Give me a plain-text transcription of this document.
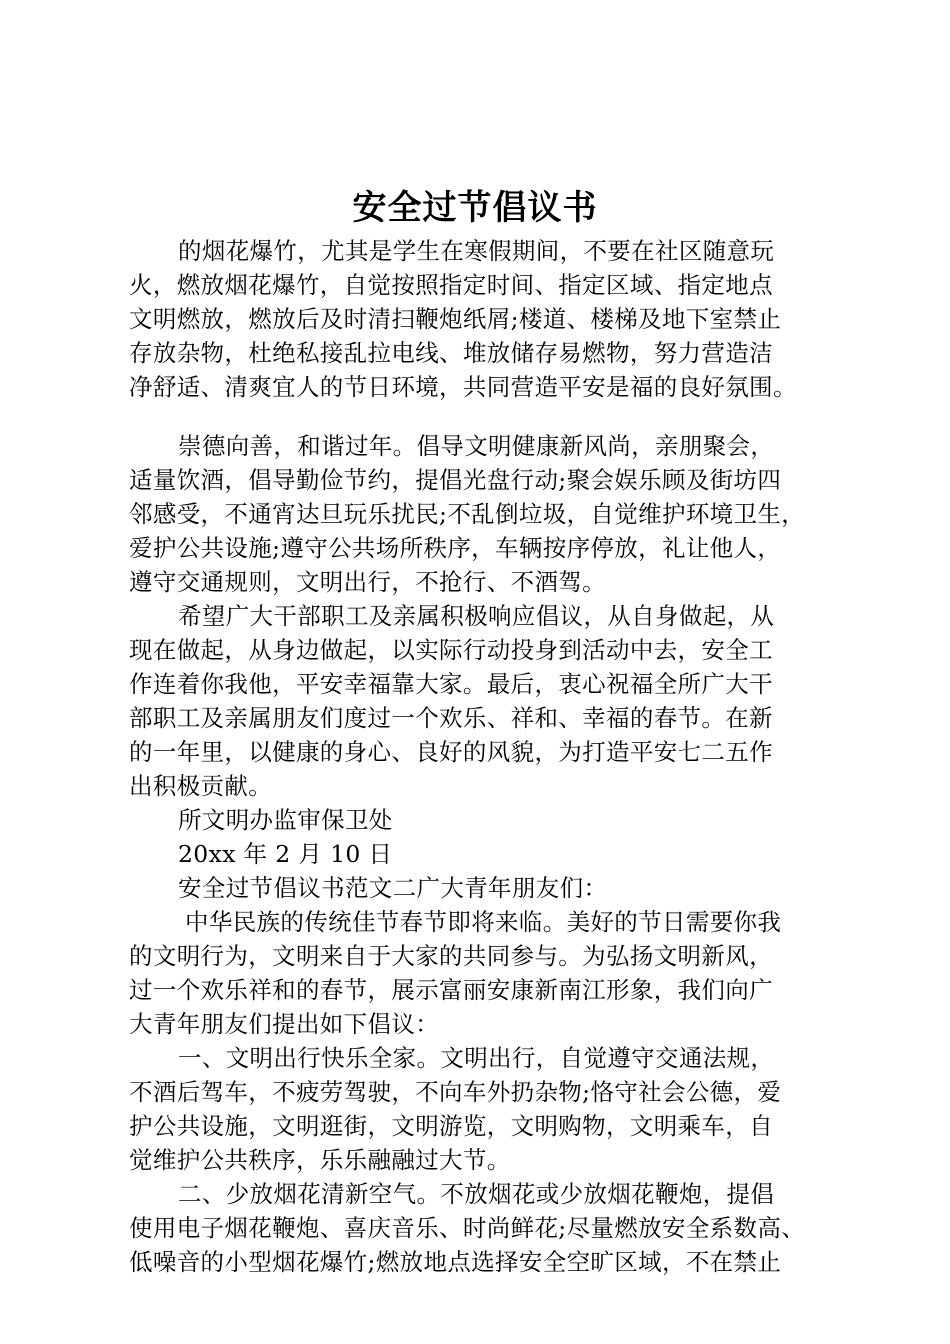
安全过节倡议书
的烟花爆竹，尤其是学生在寒假期间，不要在社区随意玩
火，燃放烟花爆竹，自觉按照指定时间、指定区域、指定地点
文明燃放，燃放后及时清扫鞭炮纸屑;楼道、楼梯及地下室禁止
存放杂物，杜绝私接乱拉电线、堆放储存易燃物，努力营造洁
净舒适、清爽宜人的节日环境，共同营造平安是福的良好氛围。
崇德向善，和谐过年。倡导文明健康新风尚，亲朋聚会，
适量饮酒，倡导勤俭节约，提倡光盘行动;聚会娱乐顾及街坊四
邻感受，不通宵达旦玩乐扰民;不乱倒垃圾，自觉维护环境卫生，
爱护公共设施;遵守公共场所秩序，车辆按序停放，礼让他人，
遵守交通规则，文明出行，不抢行、不酒驾。
希望广大干部职工及亲属积极响应倡议，从自身做起，从
现在做起，从身边做起，以实际行动投身到活动中去，安全工
作连着你我他，平安幸福靠大家。最后，衷心祝福全所广大干
部职工及亲属朋友们度过一个欢乐、祥和、幸福的春节。在新
的一年里，以健康的身心、良好的风貌，为打造平安七二五作
出积极贡献。
所文明办监审保卫处
20xx 年 2 月 10 日
安全过节倡议书范文二广大青年朋友们：
中华民族的传统佳节春节即将来临。美好的节日需要你我
的文明行为，文明来自于大家的共同参与。为弘扬文明新风，
过一个欢乐祥和的春节，展示富丽安康新南江形象，我们向广
大青年朋友们提出如下倡议：
一、文明出行快乐全家。文明出行，自觉遵守交通法规，
不酒后驾车，不疲劳驾驶，不向车外扔杂物;恪守社会公德，爱
护公共设施，文明逛街，文明游览，文明购物，文明乘车，自
觉维护公共秩序，乐乐融融过大节。
二、少放烟花清新空气。不放烟花或少放烟花鞭炮，提倡
使用电子烟花鞭炮、喜庆音乐、时尚鲜花;尽量燃放安全系数高、
低噪音的小型烟花爆竹;燃放地点选择安全空旷区域，不在禁止
